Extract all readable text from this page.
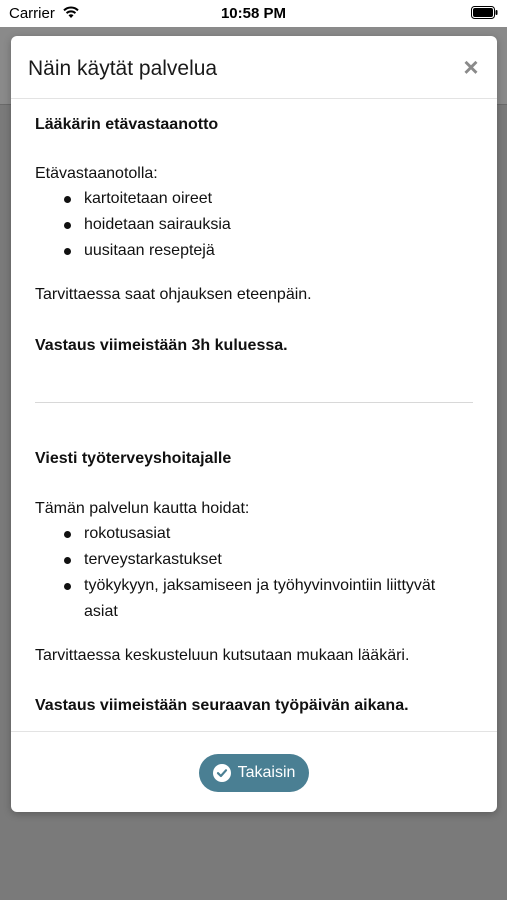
Carrier	10:58 PM
Näin käytät palvelua	×

Lääkärin etävastaanotto

Etävastaanotolla:

kartoitetaan oireet
hoidetaan sairauksia
uusitaan reseptejä

Tarvittaessa saat ohjauksen eteenpäin.

Vastaus viimeistään 3h kuluessa.

Viesti työterveyshoitajalle

Tämän palvelun kautta hoidat:

rokotusasiat
terveystarkastukset
työkykyyn, jaksamiseen ja työhyvinvointiin liittyvät asiat

Tarvittaessa keskusteluun kutsutaan mukaan lääkäri.

Vastaus viimeistään seuraavan työpäivän aikana.

Takaisin
